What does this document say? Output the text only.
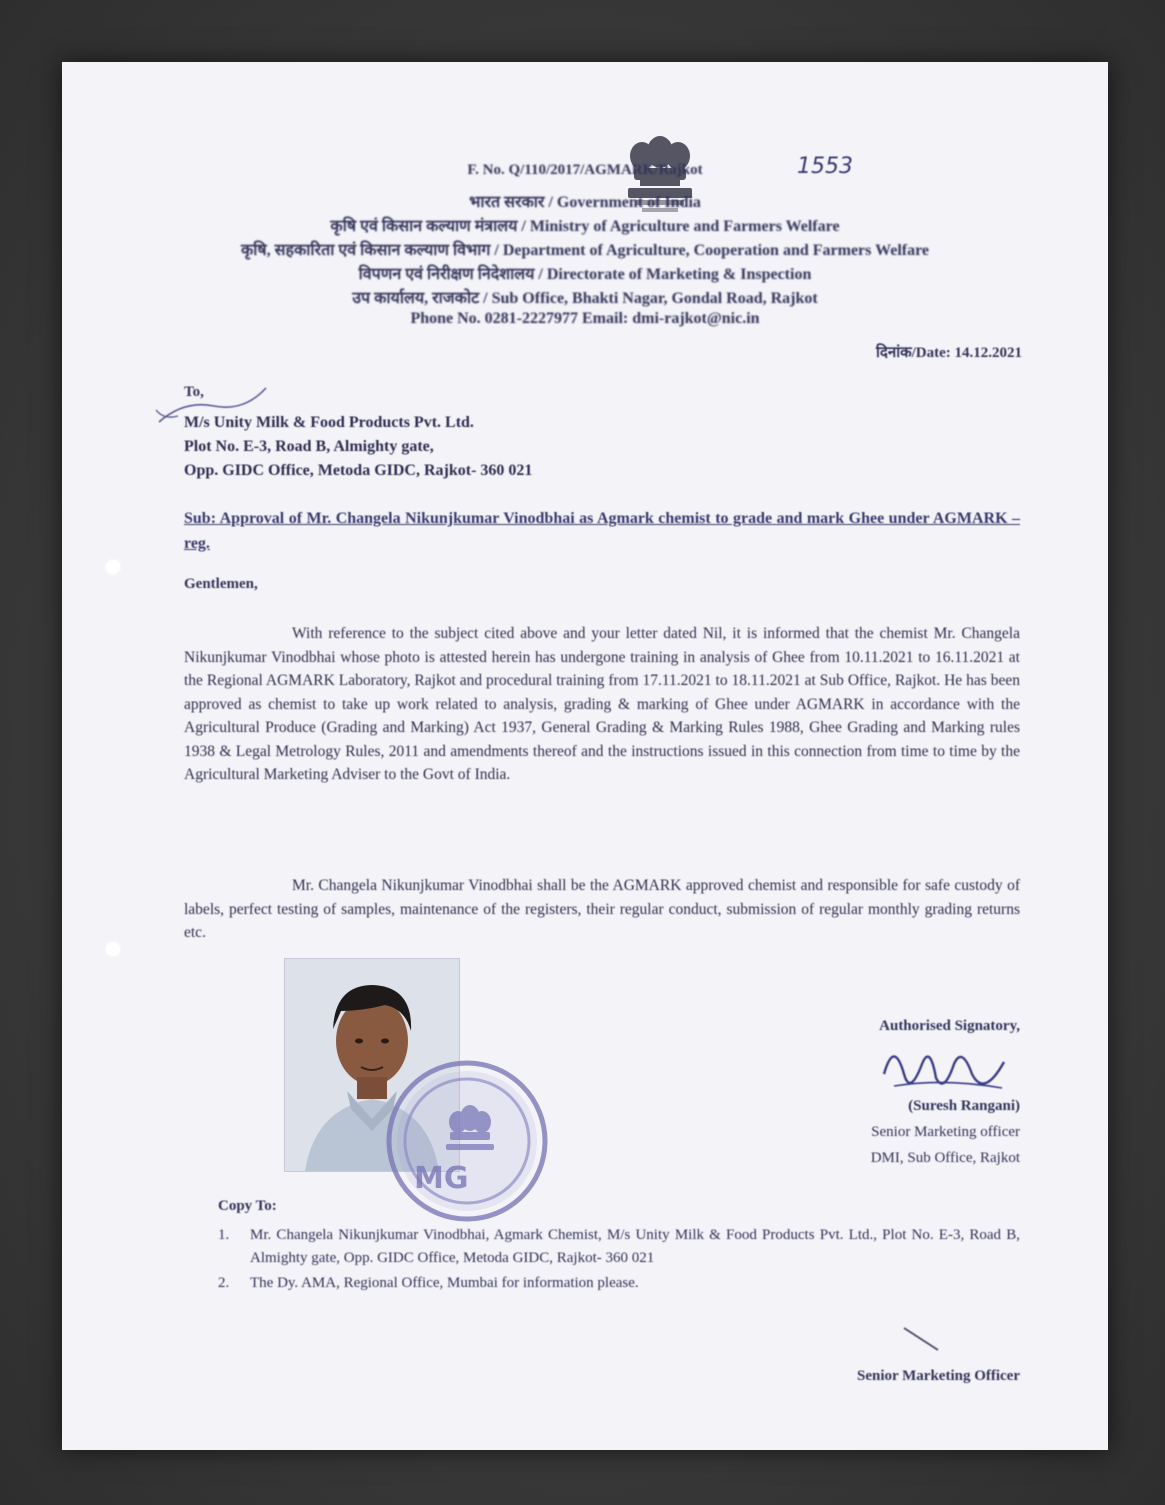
F. No. Q/110/2017/AGMARK/Rajkot	1553
भारत सरकार / Government of India
कृषि एवं किसान कल्याण मंत्रालय / Ministry of Agriculture and Farmers Welfare
कृषि, सहकारिता एवं किसान कल्याण विभाग / Department of Agriculture, Cooperation and Farmers Welfare
विपणन एवं निरीक्षण निदेशालय / Directorate of Marketing & Inspection
उप कार्यालय, राजकोट / Sub Office, Bhakti Nagar, Gondal Road, Rajkot
Phone No. 0281-2227977 Email: dmi-rajkot@nic.in
दिनांक/Date: 14.12.2021
To,
M/s Unity Milk & Food Products Pvt. Ltd.
Plot No. E-3, Road B, Almighty gate,
Opp. GIDC Office, Metoda GIDC, Rajkot- 360 021
Sub: Approval of Mr. Changela Nikunjkumar Vinodbhai as Agmark chemist to grade and mark Ghee under AGMARK – reg.
Gentlemen,
With reference to the subject cited above and your letter dated Nil, it is informed that the chemist Mr. Changela Nikunjkumar Vinodbhai whose photo is attested herein has undergone training in analysis of Ghee from 10.11.2021 to 16.11.2021 at the Regional AGMARK Laboratory, Rajkot and procedural training from 17.11.2021 to 18.11.2021 at Sub Office, Rajkot. He has been approved as chemist to take up work related to analysis, grading & marking of Ghee under AGMARK in accordance with the Agricultural Produce (Grading and Marking) Act 1937, General Grading & Marking Rules 1988, Ghee Grading and Marking rules 1938 & Legal Metrology Rules, 2011 and amendments thereof and the instructions issued in this connection from time to time by the Agricultural Marketing Adviser to the Govt of India.
Mr. Changela Nikunjkumar Vinodbhai shall be the AGMARK approved chemist and responsible for safe custody of labels, perfect testing of samples, maintenance of the registers, their regular conduct, submission of regular monthly grading returns etc.
MG
Authorised Signatory,
(Suresh Rangani)
Senior Marketing officer
DMI, Sub Office, Rajkot
Copy To:
1. Mr. Changela Nikunjkumar Vinodbhai, Agmark Chemist, M/s Unity Milk & Food Products Pvt. Ltd., Plot No. E-3, Road B, Almighty gate, Opp. GIDC Office, Metoda GIDC, Rajkot- 360 021
2. The Dy. AMA, Regional Office, Mumbai for information please.
Senior Marketing Officer
